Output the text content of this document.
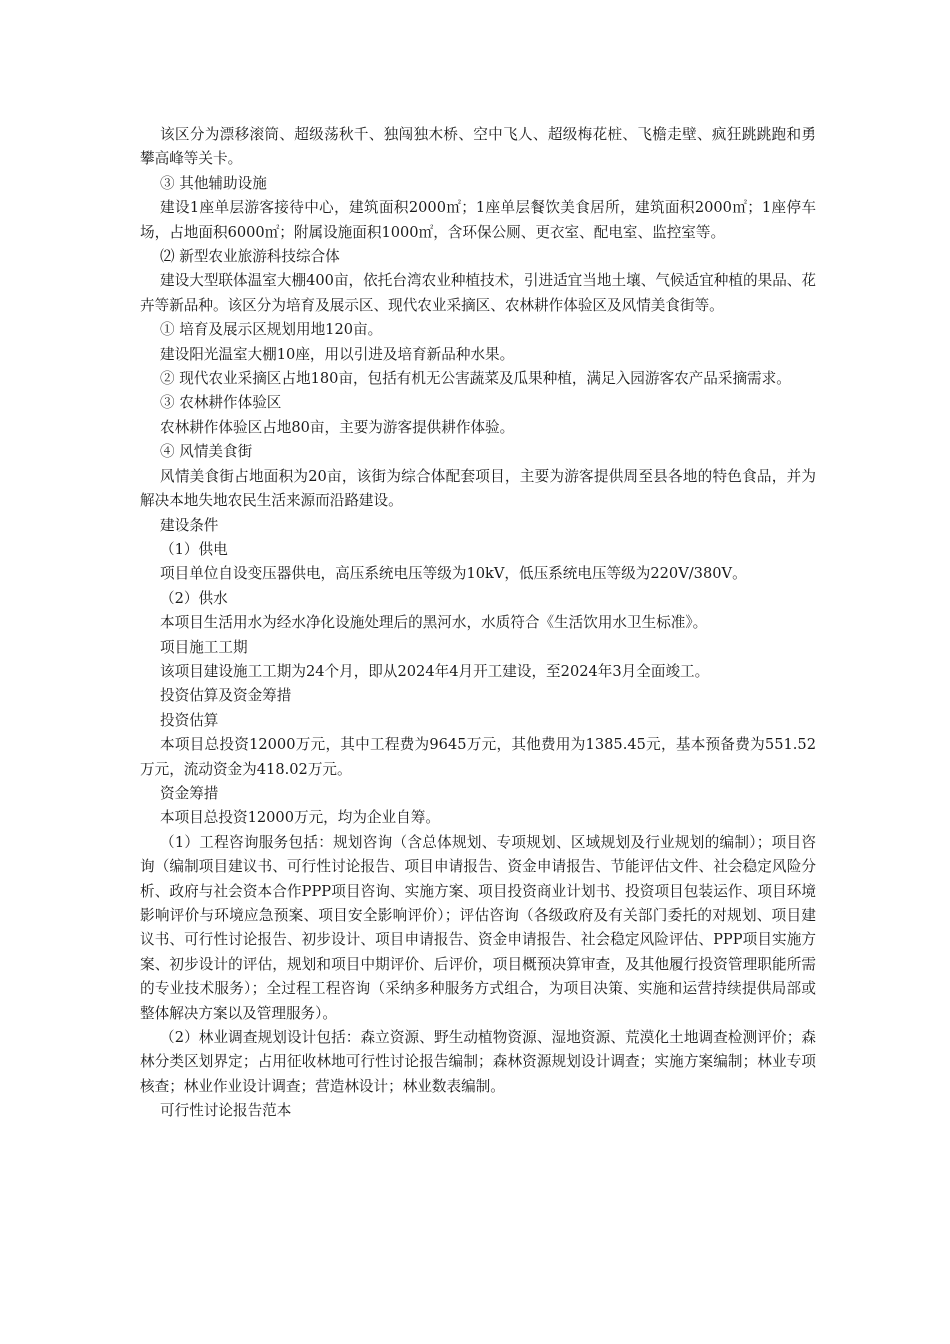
该区分为漂移滚筒、超级荡秋千、独闯独木桥、空中飞人、超级梅花桩、飞檐走壁、疯狂跳跳跑和勇攀高峰等关卡。

③ 其他辅助设施

建设1座单层游客接待中心，建筑面积2000㎡；1座单层餐饮美食居所，建筑面积2000㎡；1座停车场，占地面积6000㎡；附属设施面积1000㎡，含环保公厕、更衣室、配电室、监控室等。

⑵ 新型农业旅游科技综合体

建设大型联体温室大棚400亩，依托台湾农业种植技术，引进适宜当地土壤、气候适宜种植的果品、花卉等新品种。该区分为培育及展示区、现代农业采摘区、农林耕作体验区及风情美食街等。

① 培育及展示区规划用地120亩。

建设阳光温室大棚10座，用以引进及培育新品种水果。

② 现代农业采摘区占地180亩，包括有机无公害蔬菜及瓜果种植，满足入园游客农产品采摘需求。

③ 农林耕作体验区

农林耕作体验区占地80亩，主要为游客提供耕作体验。

④ 风情美食街

风情美食街占地面积为20亩，该街为综合体配套项目，主要为游客提供周至县各地的特色食品，并为解决本地失地农民生活来源而沿路建设。

建设条件

（1）供电

项目单位自设变压器供电，高压系统电压等级为10kV，低压系统电压等级为220V/380V。

（2）供水

本项目生活用水为经水净化设施处理后的黑河水，水质符合《生活饮用水卫生标准》。

项目施工工期

该项目建设施工工期为24个月，即从2024年4月开工建设，至2024年3月全面竣工。

投资估算及资金筹措

投资估算

本项目总投资12000万元，其中工程费为9645万元，其他费用为1385.45元，基本预备费为551.52万元，流动资金为418.02万元。

资金筹措

本项目总投资12000万元，均为企业自筹。

（1）工程咨询服务包括：规划咨询（含总体规划、专项规划、区域规划及行业规划的编制）；项目咨询（编制项目建议书、可行性讨论报告、项目申请报告、资金申请报告、节能评估文件、社会稳定风险分析、政府与社会资本合作PPP项目咨询、实施方案、项目投资商业计划书、投资项目包装运作、项目环境影响评价与环境应急预案、项目安全影响评价）；评估咨询（各级政府及有关部门委托的对规划、项目建议书、可行性讨论报告、初步设计、项目申请报告、资金申请报告、社会稳定风险评估、PPP项目实施方案、初步设计的评估，规划和项目中期评价、后评价，项目概预决算审查，及其他履行投资管理职能所需的专业技术服务）；全过程工程咨询（采纳多种服务方式组合，为项目决策、实施和运营持续提供局部或整体解决方案以及管理服务）。

（2）林业调查规划设计包括：森立资源、野生动植物资源、湿地资源、荒漠化土地调查检测评价；森林分类区划界定；占用征收林地可行性讨论报告编制；森林资源规划设计调查；实施方案编制；林业专项核查；林业作业设计调查；营造林设计；林业数表编制。

可行性讨论报告范本
